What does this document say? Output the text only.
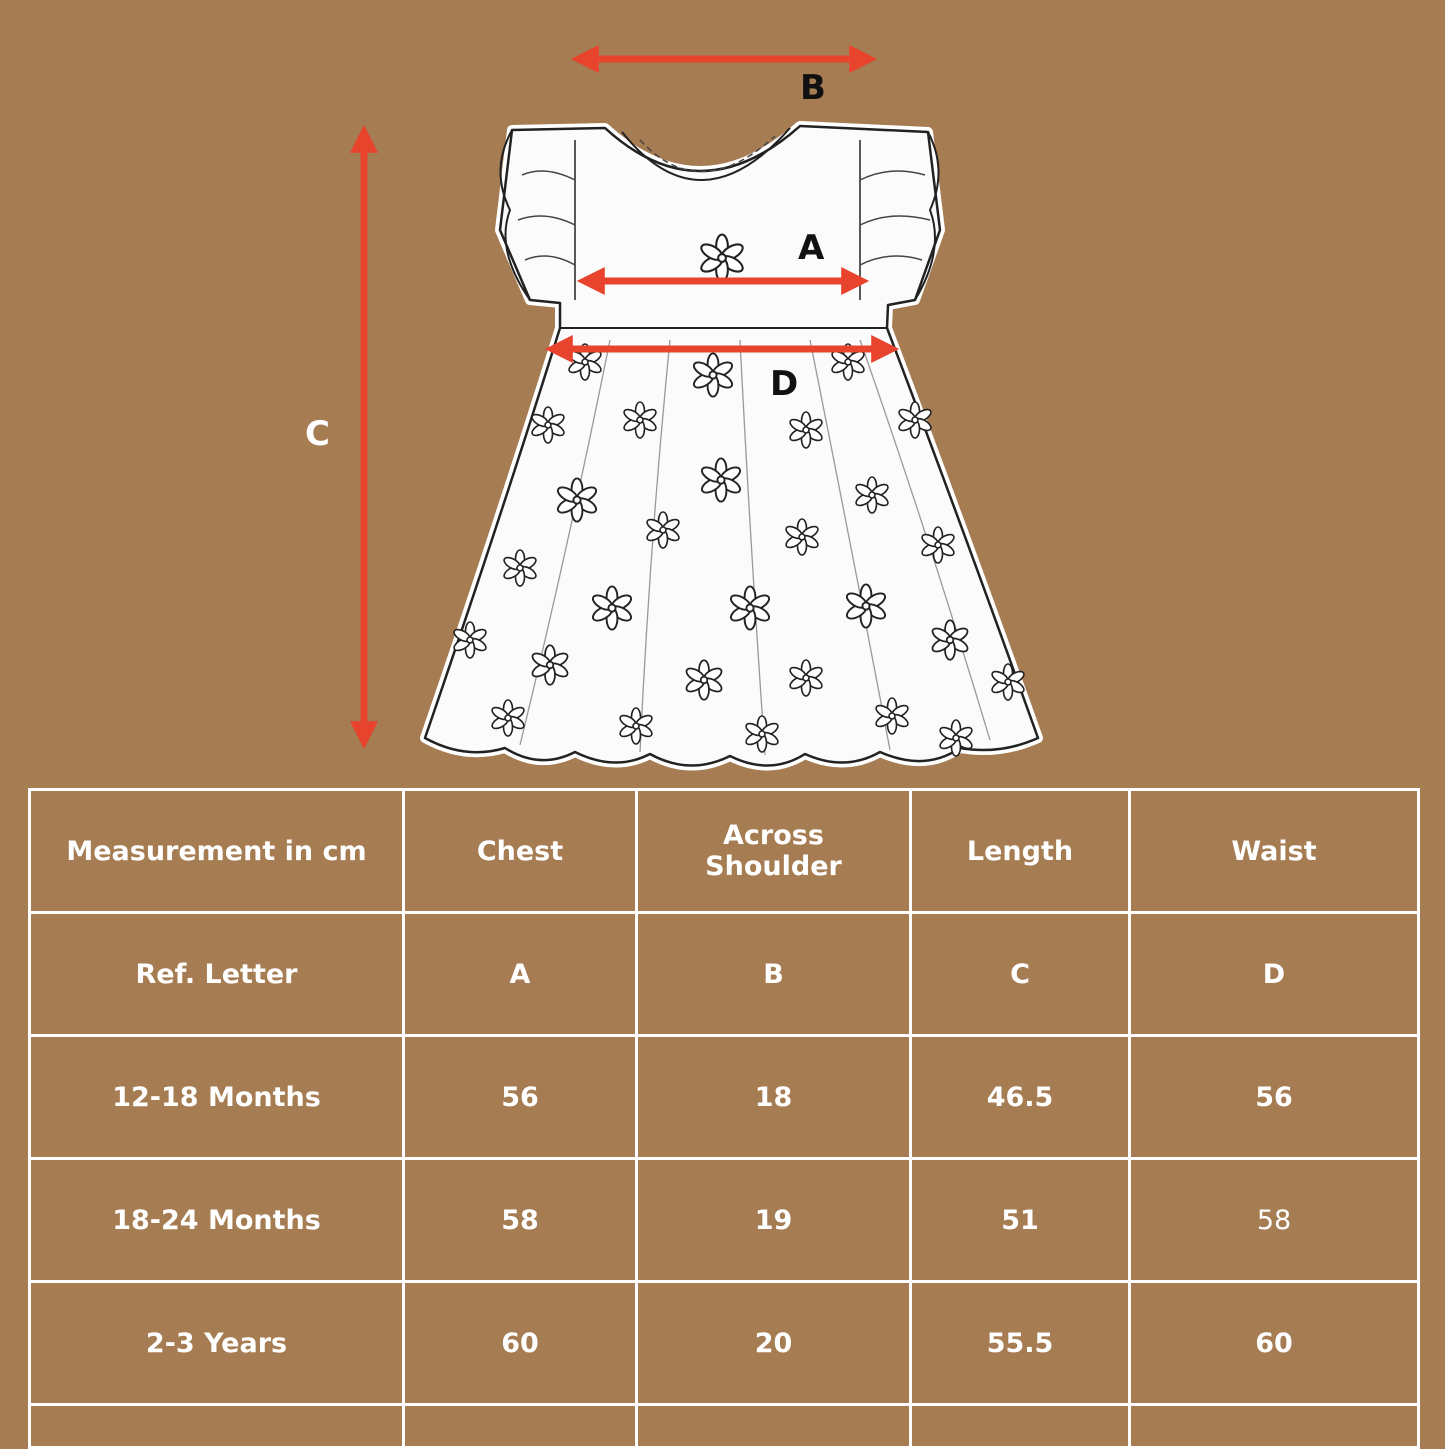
B
A
D
C
Measurement in cm	Chest	Across Shoulder	Length	Waist
Ref. Letter	A	B	C	D
12-18 Months	56	18	46.5	56
18-24 Months	58	19	51	58
2-3 Years	60	20	55.5	60
